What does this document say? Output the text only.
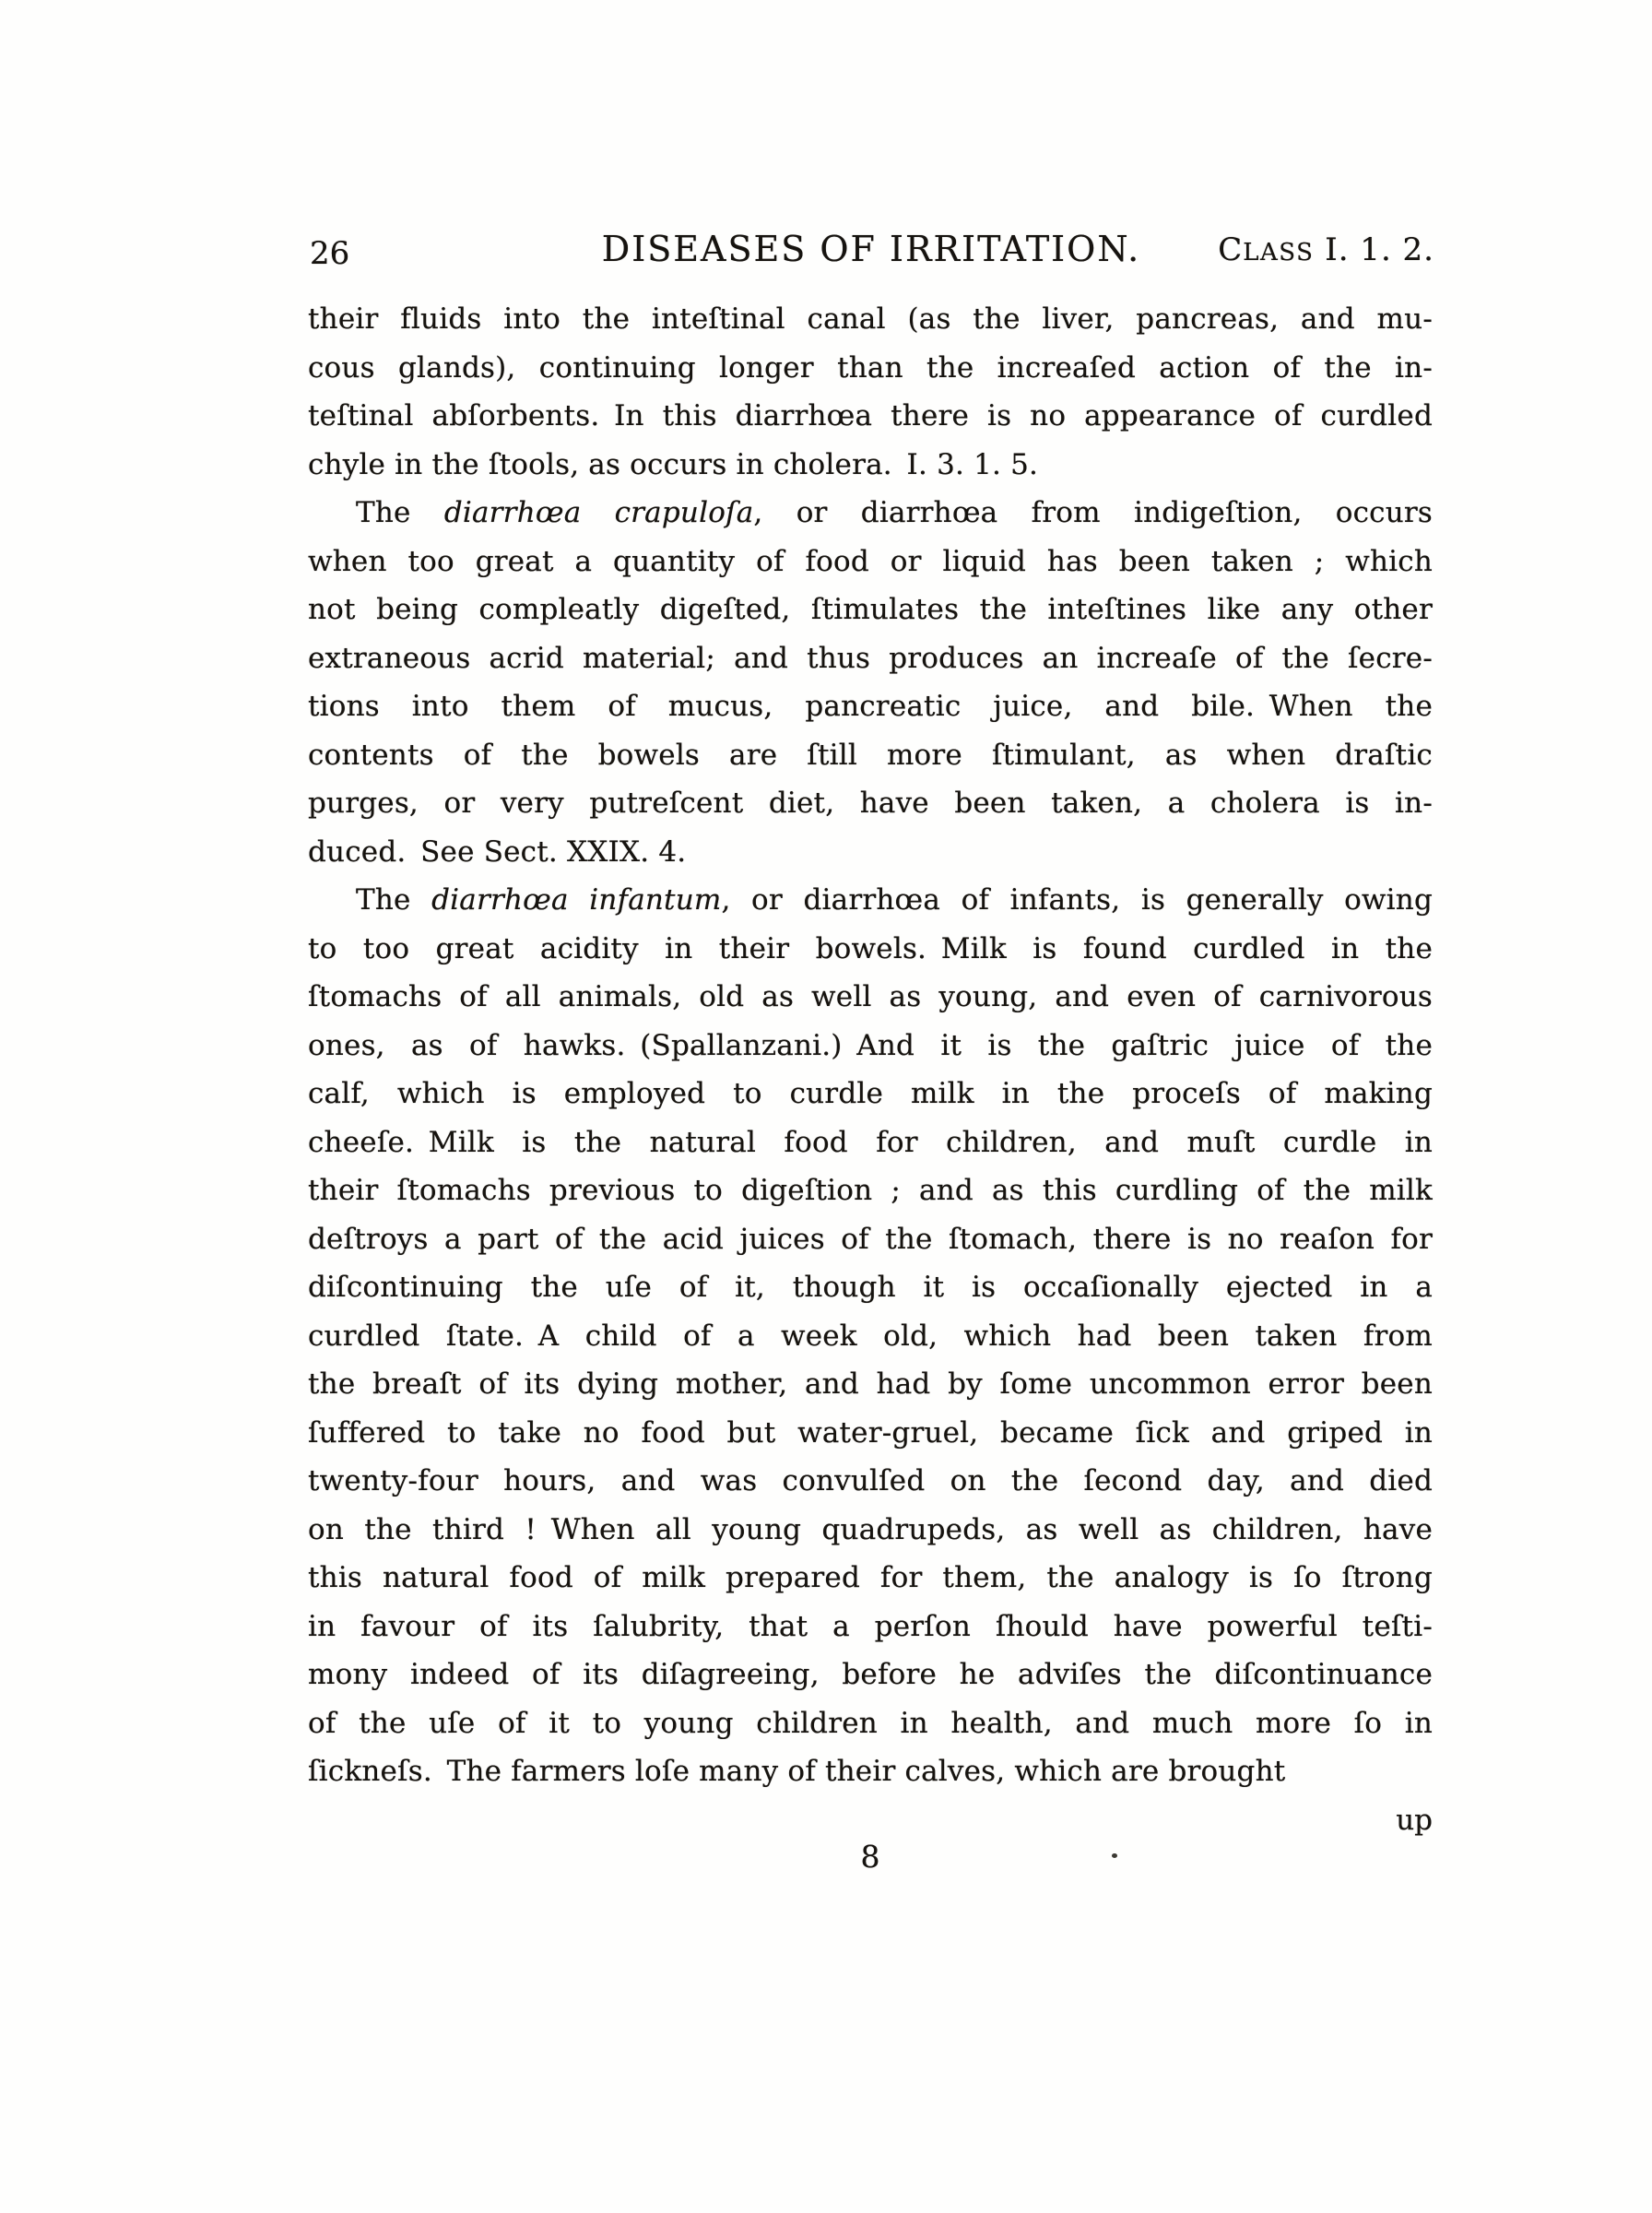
26	DISEASES OF IRRITATION.	CLASS I. 1. 2.
their fluids into the inteſtinal canal (as the liver, pancreas, and mu-
cous glands), continuing longer than the increaſed action of the in-
teſtinal abſorbents. In this diarrhœa there is no appearance of curdled
chyle in the ſtools, as occurs in cholera. I. 3. 1. 5.
The diarrhœa crapuloſa, or diarrhœa from indigeſtion, occurs
when too great a quantity of food or liquid has been taken ; which
not being compleatly digeſted, ſtimulates the inteſtines like any other
extraneous acrid material; and thus produces an increaſe of the ſecre-
tions into them of mucus, pancreatic juice, and bile. When the
contents of the bowels are ſtill more ſtimulant, as when draſtic
purges, or very putreſcent diet, have been taken, a cholera is in-
duced. See Sect. XXIX. 4.
The diarrhœa infantum, or diarrhœa of infants, is generally owing
to too great acidity in their bowels. Milk is found curdled in the
ſtomachs of all animals, old as well as young, and even of carnivorous
ones, as of hawks. (Spallanzani.) And it is the gaſtric juice of the
calf, which is employed to curdle milk in the proceſs of making
cheeſe. Milk is the natural food for children, and muſt curdle in
their ſtomachs previous to digeſtion ; and as this curdling of the milk
deſtroys a part of the acid juices of the ſtomach, there is no reaſon for
diſcontinuing the uſe of it, though it is occaſionally ejected in a
curdled ſtate. A child of a week old, which had been taken from
the breaſt of its dying mother, and had by ſome uncommon error been
ſuffered to take no food but water-gruel, became ſick and griped in
twenty-four hours, and was convulſed on the ſecond day, and died
on the third ! When all young quadrupeds, as well as children, have
this natural food of milk prepared for them, the analogy is ſo ſtrong
in favour of its ſalubrity, that a perſon ſhould have powerful teſti-
mony indeed of its diſagreeing, before he adviſes the diſcontinuance
of the uſe of it to young children in health, and much more ſo in
ſickneſs. The farmers loſe many of their calves, which are brought
up
8
